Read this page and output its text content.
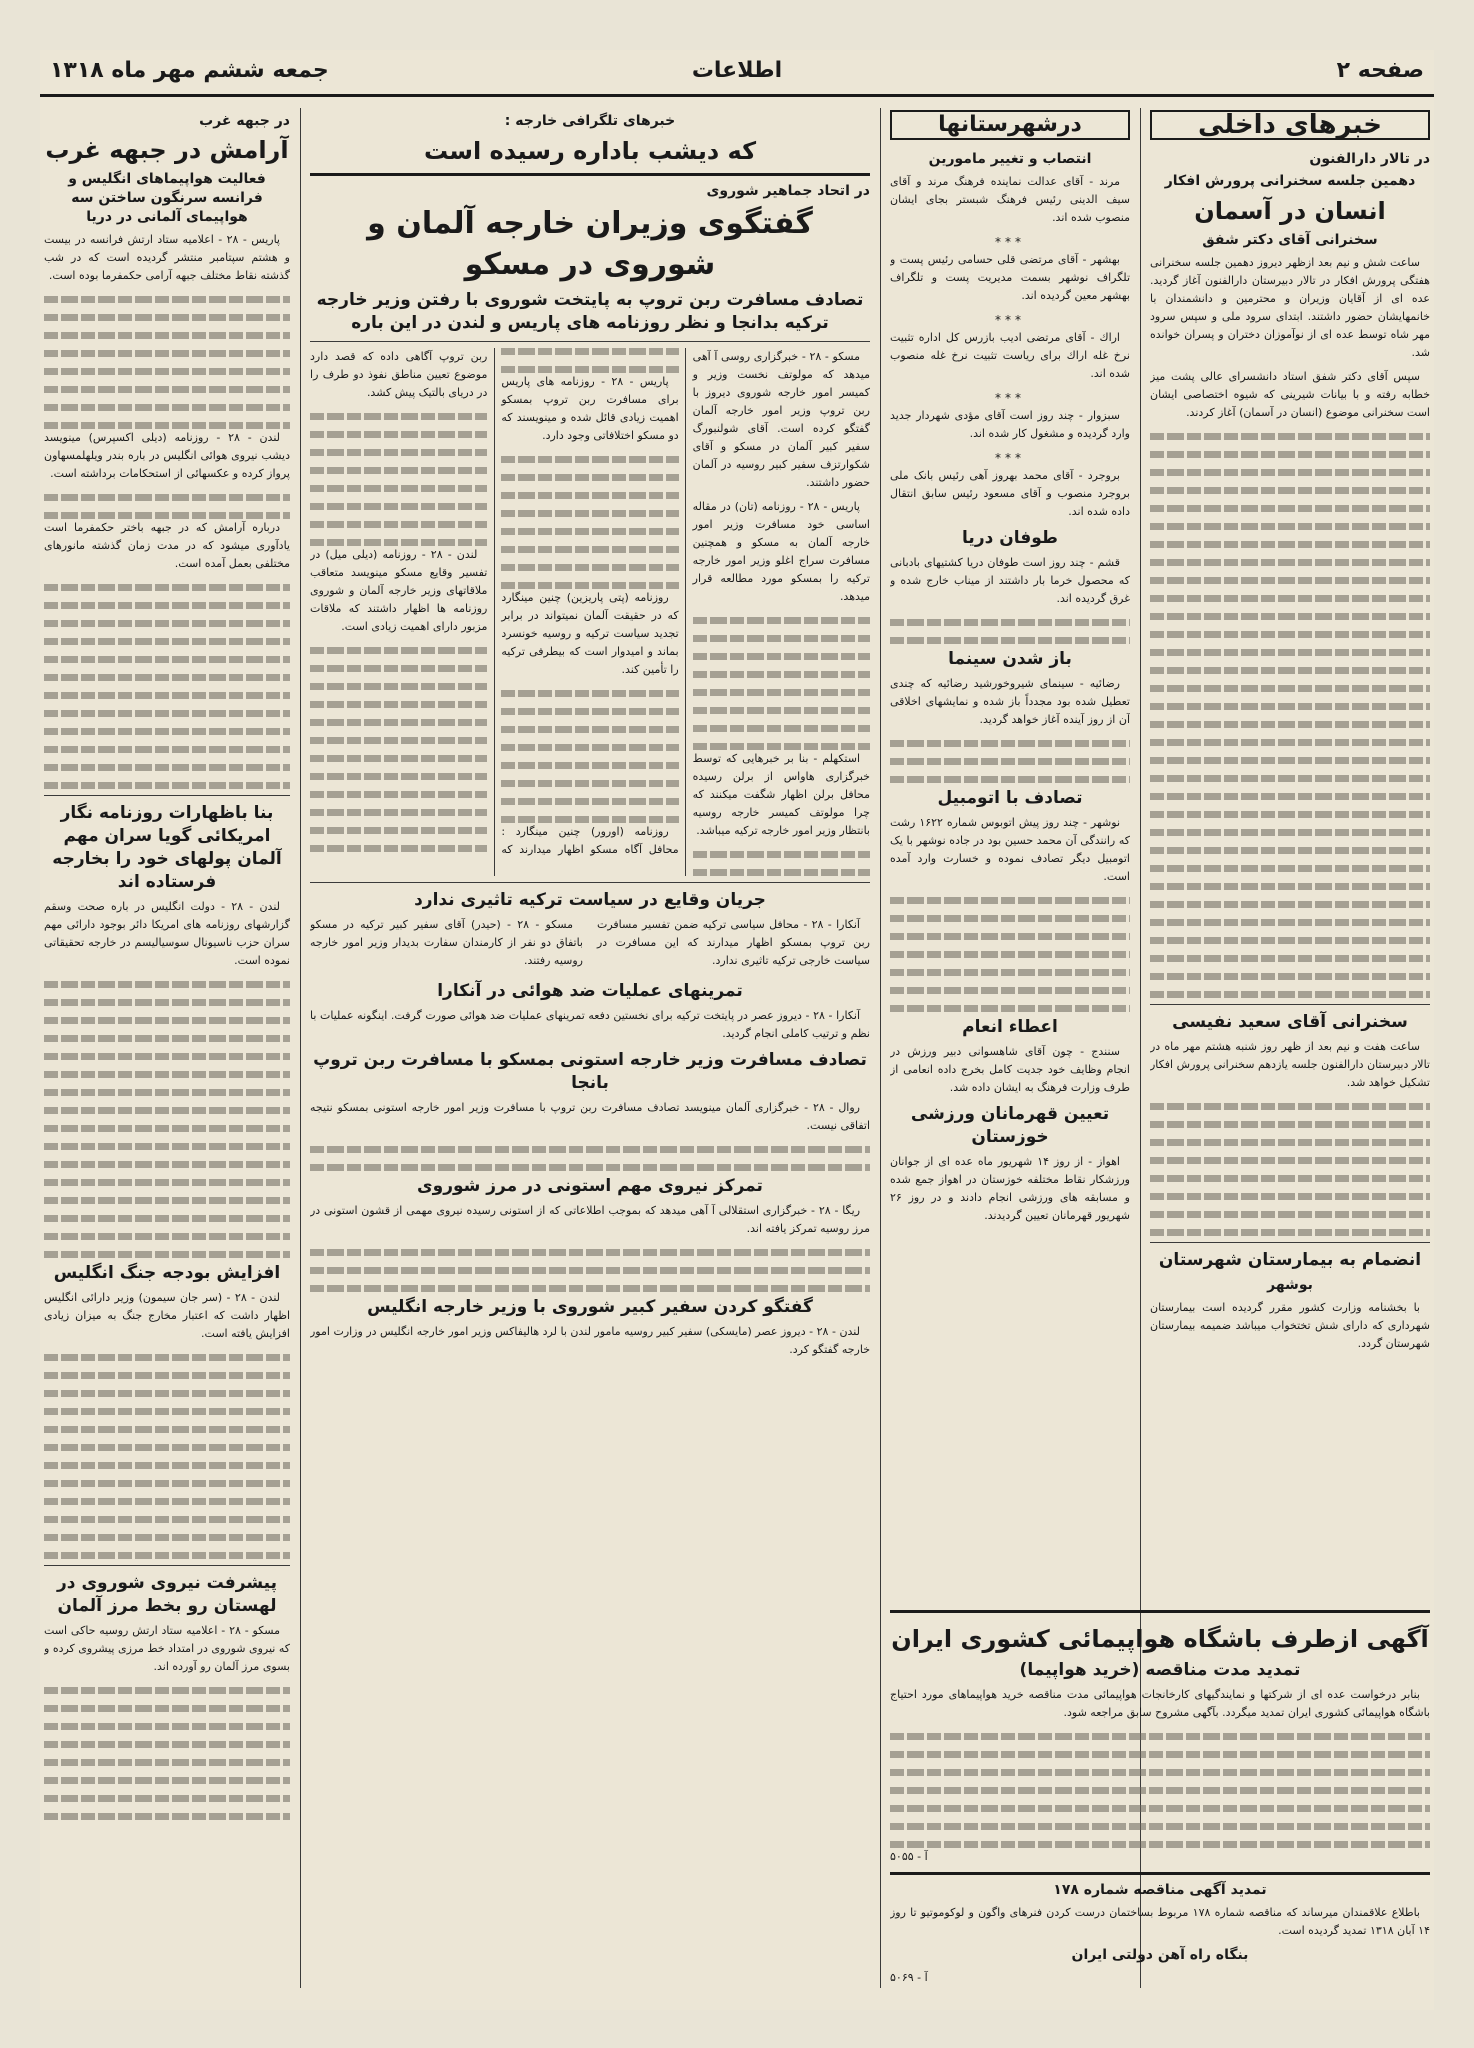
صفحه ۲
اطلاعات
جمعه ششم مهر ماه ۱۳۱۸
خبرهای داخلی
در تالار دارالفنون
دهمین جلسه سخنرانی پرورش افکار
انسان در آسمان
سخنرانی آقای دکتر شفق

ساعت شش و نیم بعد ازظهر دیروز دهمین جلسه سخنرانی هفتگی پرورش افکار در تالار دبیرستان دارالفنون آغاز گردید. عده ای از آقایان وزیران و محترمین و دانشمندان با خانمهایشان حضور داشتند. ابتدای سرود ملی و سپس سرود مهر شاه توسط عده ای از نوآموزان دختران و پسران خوانده شد.

سپس آقای دکتر شفق استاد دانشسرای عالی پشت میز خطابه رفته و با بیانات شیرینی که شیوه اختصاصی ایشان است سخنرانی موضوع (انسان در آسمان) آغاز کردند.

سخنرانی آقای سعید نفیسی

ساعت هفت و نیم بعد از ظهر روز شنبه هشتم مهر ماه در تالار دبیرستان دارالفنون جلسه یازدهم سخنرانی پرورش افکار تشکیل خواهد شد.

انضمام به بیمارستان شهرستان
بوشهر

با بخشنامه وزارت کشور مقرر گردیده است بیمارستان شهرداری که دارای شش تختخواب میباشد ضمیمه بیمارستان شهرستان گردد.

درشهرستانها
انتصاب و تغییر مامورین

مرند - آقای عدالت نماینده فرهنگ مرند و آقای سیف الدینی رئیس فرهنگ شبستر بجای ایشان منصوب شده اند.

***

بهشهر - آقای مرتضی قلی حسامی رئیس پست و تلگراف نوشهر بسمت مدیریت پست و تلگراف بهشهر معین گردیده اند.

***

اراك - آقای مرتضی ادیب بازرس کل اداره تثبیت نرخ غله اراك برای ریاست تثبیت نرخ غله منصوب شده اند.

***

سبزوار - چند روز است آقای مؤدی شهردار جدید وارد گردیده و مشغول کار شده اند.

***

بروجرد - آقای محمد بهروز آهی رئیس بانک ملی بروجرد منصوب و آقای مسعود رئیس سابق انتقال داده شده اند.

طوفان دریا

قشم - چند روز است طوفان دریا کشتیهای بادبانی که محصول خرما بار داشتند از میناب خارج شده و غرق گردیده اند.

باز شدن سینما

رضائیه - سینمای شیروخورشید رضائیه که چندی تعطیل شده بود مجدداً باز شده و نمایشهای اخلاقی آن از روز آینده آغاز خواهد گردید.

تصادف با اتومبیل

نوشهر - چند روز پیش اتوبوس شماره ۱۶۲۲ رشت که رانندگی آن محمد حسین بود در جاده نوشهر با یک اتومبیل دیگر تصادف نموده و خسارت وارد آمده است.

اعطاء انعام

سنندج - چون آقای شاهسوانی دبیر ورزش در انجام وظایف خود جدیت کامل بخرج داده انعامی از طرف وزارت فرهنگ به ایشان داده شد.

تعیین قهرمانان ورزشی خوزستان

اهواز - از روز ۱۴ شهریور ماه عده ای از جوانان ورزشکار نقاط مختلفه خوزستان در اهواز جمع شده و مسابقه های ورزشی انجام دادند و در روز ۲۶ شهریور قهرمانان تعیین گردیدند.

خبرهای تلگرافی خارجه :
که دیشب باداره رسیده است
در اتحاد جماهیر شوروی
گفتگوی وزیران خارجه آلمان و شوروی در مسکو
تصادف مسافرت ربن تروپ به پایتخت شوروی با رفتن وزیر خارجه ترکیه بدانجا و نظر روزنامه های پاریس و لندن در این باره

مسکو - ۲۸ - خبرگزاری روسی آ آهی میدهد که مولوتف نخست وزیر و کمیسر امور خارجه شوروی دیروز با ربن تروپ وزیر امور خارجه آلمان گفتگو کرده است. آقای شولنبورگ سفیر کبیر آلمان در مسکو و آقای شکوارتزف سفیر کبیر روسیه در آلمان حضور داشتند.

پاریس - ۲۸ - روزنامه (تان) در مقاله اساسی خود مسافرت وزیر امور خارجه آلمان به مسکو و همچنین مسافرت سراج اغلو وزیر امور خارجه ترکیه را بمسکو مورد مطالعه قرار میدهد.

استکهلم - بنا بر خبرهایی که توسط خبرگزاری هاواس از برلن رسیده محافل برلن اظهار شگفت میکنند که چرا مولوتف کمیسر خارجه روسیه بانتظار وزیر امور خارجه ترکیه میباشد.

پاریس - ۲۸ - روزنامه های پاریس برای مسافرت ربن تروپ بمسکو اهمیت زیادی قائل شده و مینویسند که دو مسکو اختلافاتی وجود دارد.

روزنامه (پتی پاریزین) چنین مینگارد که در حقیقت آلمان نمیتواند در برابر تجدید سیاست ترکیه و روسیه خونسرد بماند و امیدوار است که بیطرفی ترکیه را تأمین کند.

روزنامه (اورور) چنین مینگارد : محافل آگاه مسکو اظهار میدارند که ربن تروپ آگاهی داده که قصد دارد موضوع تعیین مناطق نفوذ دو طرف را در دریای بالتیک پیش کشد.

لندن - ۲۸ - روزنامه (دیلی میل) در تفسیر وقایع مسکو مینویسد متعاقب ملاقاتهای وزیر خارجه آلمان و شوروی روزنامه ها اظهار داشتند که ملاقات مزبور دارای اهمیت زیادی است.

جریان وقایع در سیاست ترکیه تاثیری ندارد

آنکارا - ۲۸ - محافل سیاسی ترکیه ضمن تفسیر مسافرت ربن تروپ بمسکو اظهار میدارند که این مسافرت در سیاست خارجی ترکیه تاثیری ندارد.

مسکو - ۲۸ - (حیدر) آقای سفیر کبیر ترکیه در مسکو باتفاق دو نفر از کارمندان سفارت بدیدار وزیر امور خارجه روسیه رفتند.

تمرینهای عملیات ضد هوائی در آنکارا

آنکارا - ۲۸ - دیروز عصر در پایتخت ترکیه برای نخستین دفعه تمرینهای عملیات ضد هوائی صورت گرفت. اینگونه عملیات با نظم و ترتیب کاملی انجام گردید.

تصادف مسافرت وزیر خارجه استونی بمسکو با مسافرت ربن تروپ بانجا

روال - ۲۸ - خبرگزاری آلمان مینویسد تصادف مسافرت ربن تروپ با مسافرت وزیر امور خارجه استونی بمسکو نتیجه اتفاقی نیست.

تمرکز نیروی مهم استونی در مرز شوروی

ریگا - ۲۸ - خبرگزاری استقلالی آ آهی میدهد که بموجب اطلاعاتی که از استونی رسیده نیروی مهمی از قشون استونی در مرز روسیه تمرکز یافته اند.

گفتگو کردن سفیر کبیر شوروی با وزیر خارجه انگلیس

لندن - ۲۸ - دیروز عصر (مایسکی) سفیر کبیر روسیه مامور لندن با لرد هالیفاکس وزیر امور خارجه انگلیس در وزارت امور خارجه گفتگو کرد.

در جبهه غرب
آرامش در جبهه غرب
فعالیت هواپیماهای انگلیس و فرانسه سرنگون ساختن سه هواپیمای آلمانی در دریا

پاریس - ۲۸ - اعلامیه ستاد ارتش فرانسه در بیست و هشتم سپتامبر منتشر گردیده است که در شب گذشته نقاط مختلف جبهه آرامی حکمفرما بوده است.

لندن - ۲۸ - روزنامه (دیلی اکسپرس) مینویسد دیشب نیروی هوائی انگلیس در باره بندر ویلهلمسهاون پرواز کرده و عکسهائی از استحکامات برداشته است.

درباره آرامش که در جبهه باختر حکمفرما است یادآوری میشود که در مدت زمان گذشته مانورهای مختلفی بعمل آمده است.

بنا باظهارات روزنامه نگار امریکائی گویا سران مهم آلمان پولهای خود را بخارجه فرستاده اند

لندن - ۲۸ - دولت انگلیس در باره صحت وسقم گزارشهای روزنامه های امریکا دائر بوجود دارائی مهم سران حزب ناسیونال سوسیالیسم در خارجه تحقیقاتی نموده است.

افزایش بودجه جنگ انگلیس

لندن - ۲۸ - (سر جان سیمون) وزیر دارائی انگلیس اظهار داشت که اعتبار مخارج جنگ به میزان زیادی افزایش یافته است.

پیشرفت نیروی شوروی در لهستان رو بخط مرز آلمان

مسکو - ۲۸ - اعلامیه ستاد ارتش روسیه حاکی است که نیروی شوروی در امتداد خط مرزی پیشروی کرده و بسوی مرز آلمان رو آورده اند.

آگهی ازطرف باشگاه هواپیمائی کشوری ایران
تمدید مدت مناقصه (خرید هواپیما)

بنابر درخواست عده ای از شرکتها و نمایندگیهای کارخانجات هواپیمائی مدت مناقصه خرید هواپیماهای مورد احتیاج باشگاه هواپیمائی کشوری ایران تمدید میگردد. بآگهی مشروح سابق مراجعه شود.

آ - ۵۰۵۵
تمدید آگهی مناقصه شماره ۱۷۸

باطلاع علاقمندان میرساند که مناقصه شماره ۱۷۸ مربوط بساختمان درست کردن فنرهای واگون و لوکوموتیو تا روز ۱۴ آبان ۱۳۱۸ تمدید گردیده است.

بنگاه راه آهن دولتی ایران
آ - ۵۰۶۹
